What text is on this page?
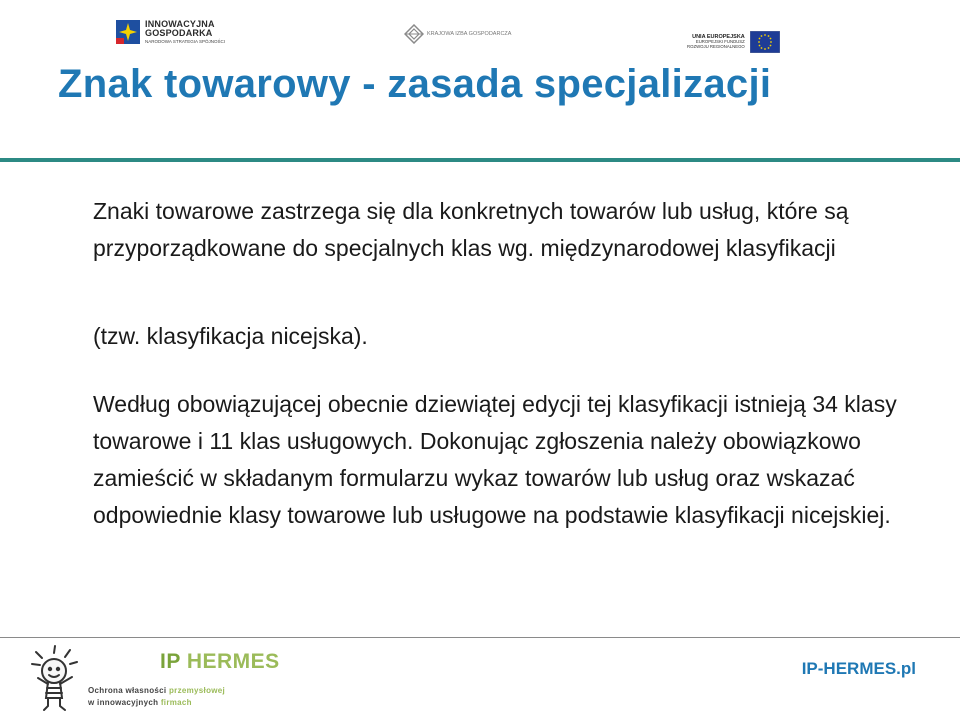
INNOWACYJNA
GOSPODARKA
NARODOWA STRATEGIA SPÓJNOŚCI
KRAJOWA IZBA GOSPODARCZA	UNIA EUROPEJSKA
EUROPEJSKI FUNDUSZ
ROZWOJU REGIONALNEGO
Znak towarowy - zasada specjalizacji

Znaki towarowe zastrzega się dla konkretnych towarów lub usług, które są przyporządkowane do specjalnych klas wg. międzynarodowej klasyfikacji

(tzw. klasyfikacja nicejska).

Według obowiązującej obecnie dziewiątej edycji tej klasyfikacji istnieją 34 klasy towarowe i 11 klas usługowych. Dokonując zgłoszenia należy obowiązkowo zamieścić w składanym formularzu wykaz towarów lub usług oraz wskazać odpowiednie klasy towarowe lub usługowe na podstawie klasyfikacji nicejskiej.

IP HERMES
Ochrona własności przemysłowej
w innowacyjnych firmach
IP-HERMES.pl
